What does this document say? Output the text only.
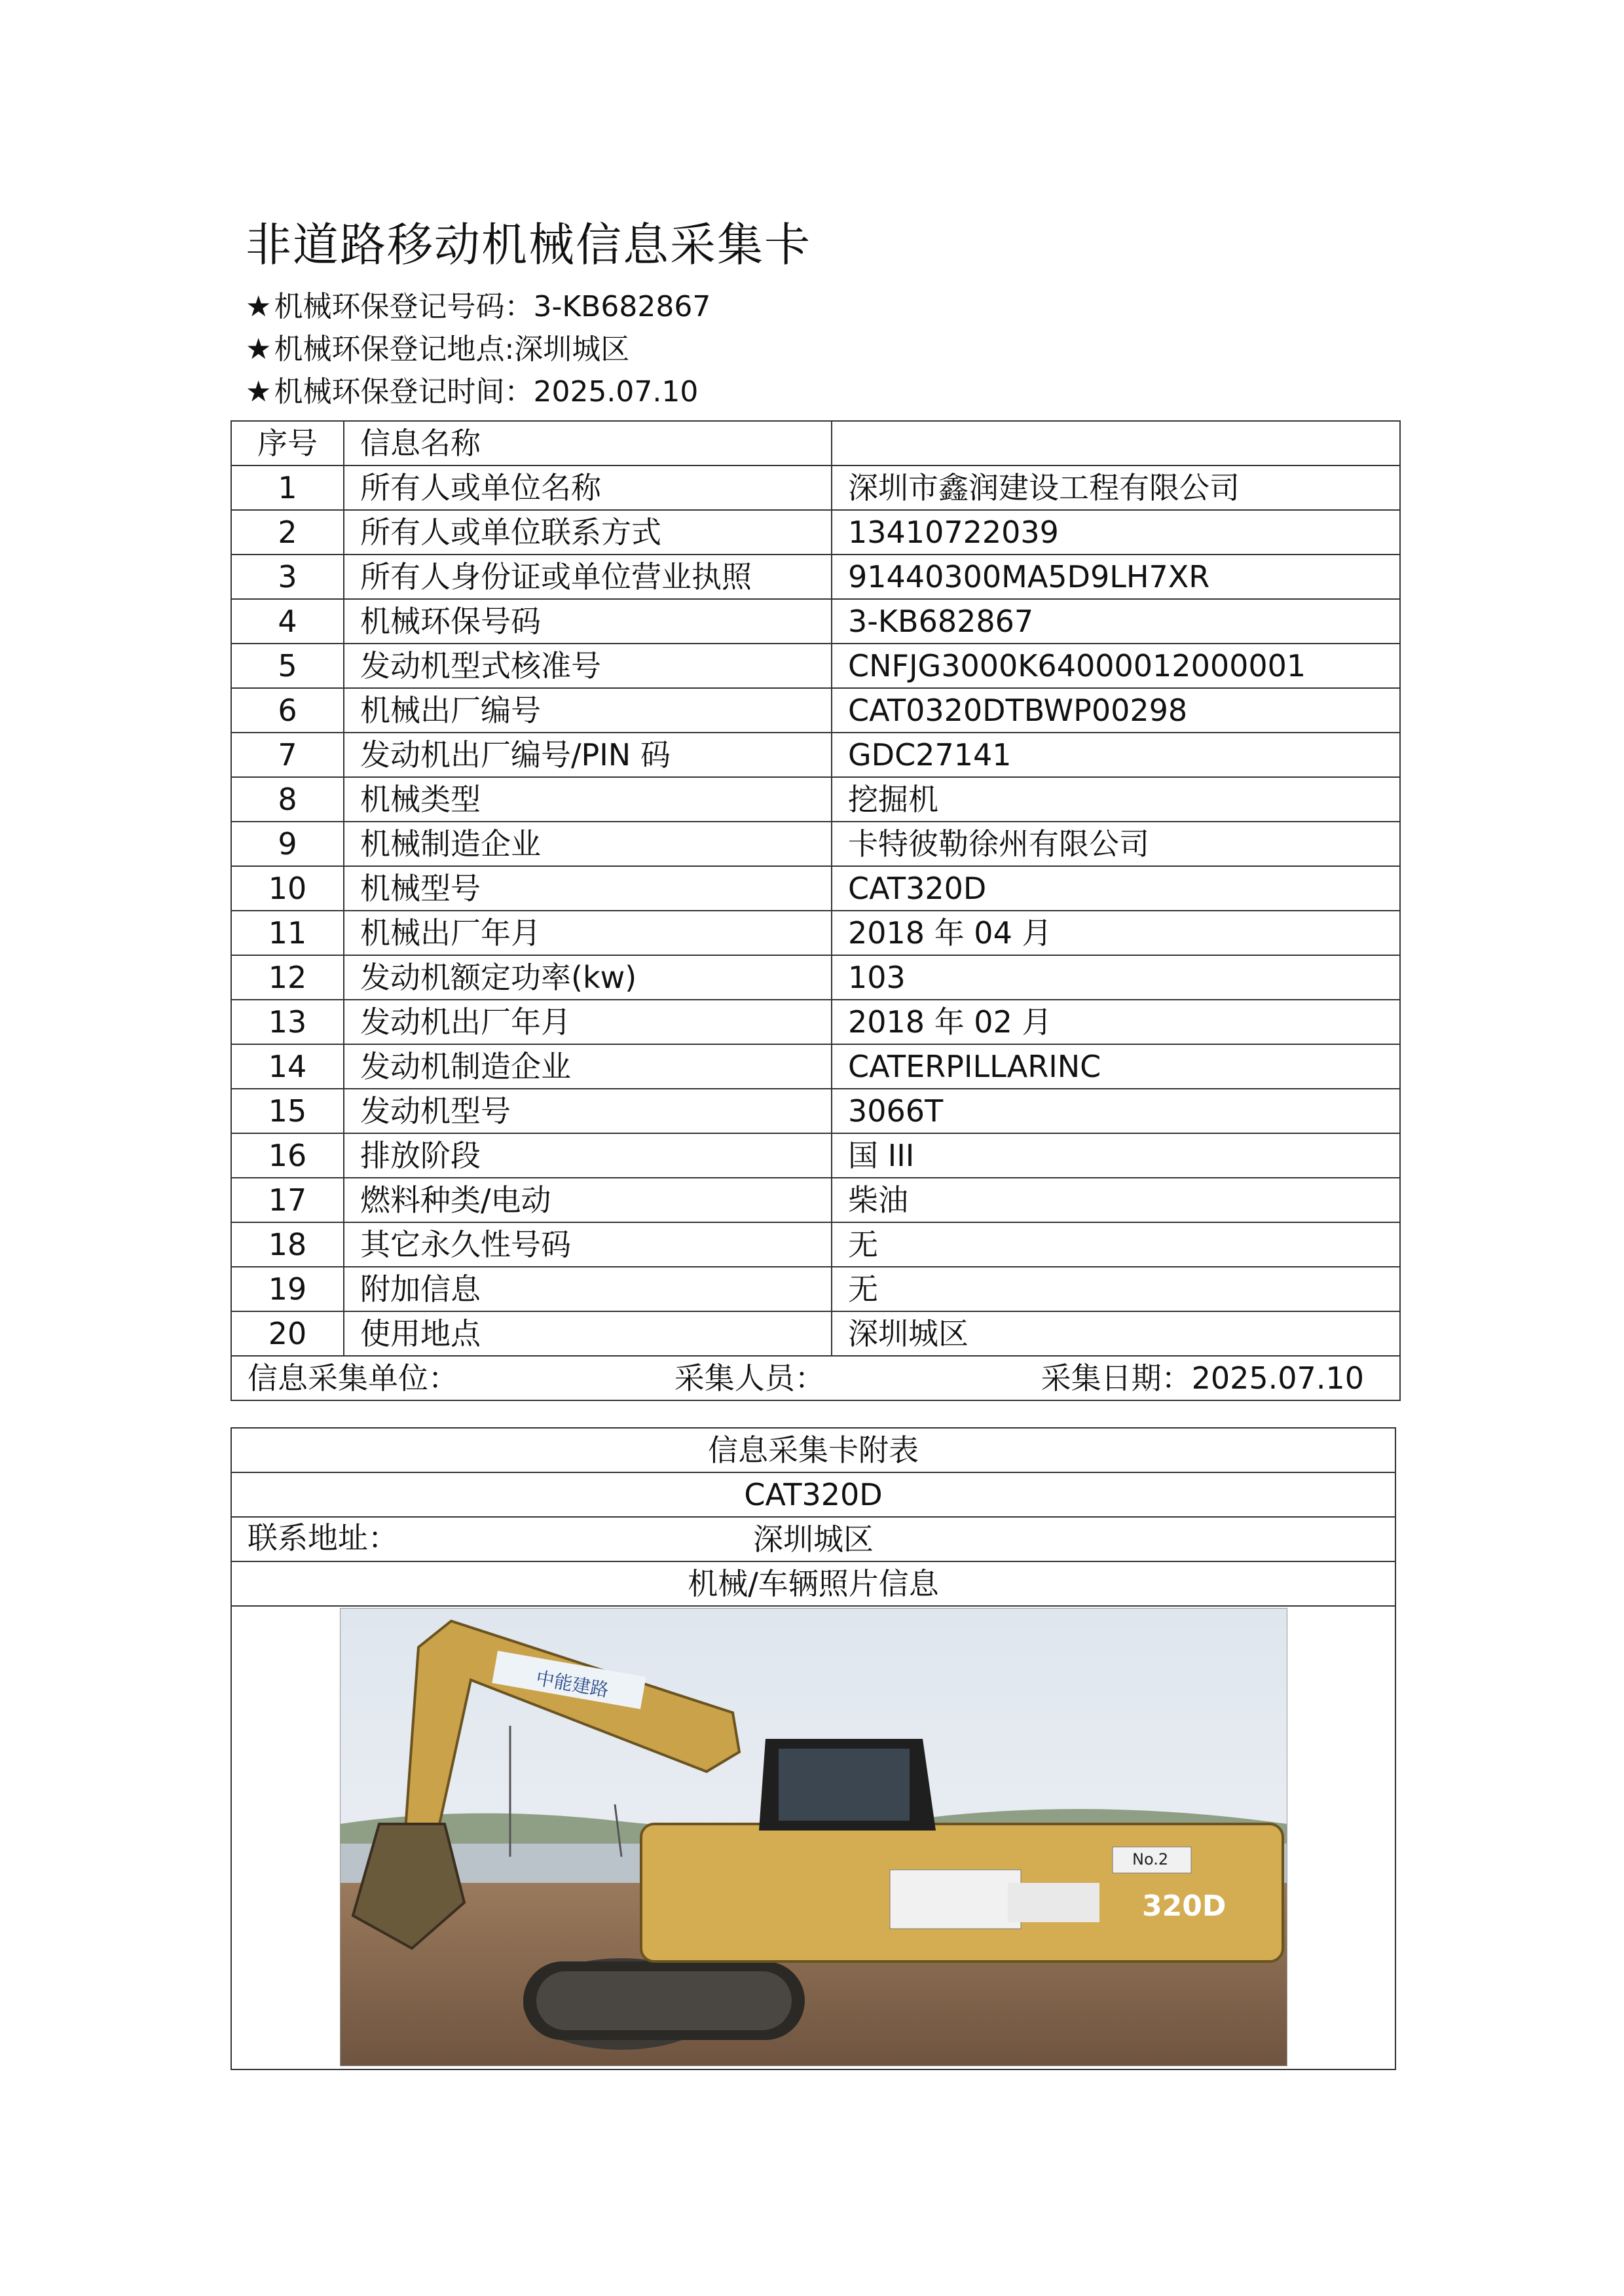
非道路移动机械信息采集卡
★机械环保登记号码：3-KB682867
★机械环保登记地点:深圳城区
★机械环保登记时间：2025.07.10
序号	信息名称	
1	所有人或单位名称	深圳市鑫润建设工程有限公司
2	所有人或单位联系方式	13410722039
3	所有人身份证或单位营业执照	91440300MA5D9LH7XR
4	机械环保号码	3-KB682867
5	发动机型式核准号	CNFJG3000K64000012000001
6	机械出厂编号	CAT0320DTBWP00298
7	发动机出厂编号/PIN 码	GDC27141
8	机械类型	挖掘机
9	机械制造企业	卡特彼勒徐州有限公司
10	机械型号	CAT320D
11	机械出厂年月	2018 年 04 月
12	发动机额定功率(kw)	103
13	发动机出厂年月	2018 年 02 月
14	发动机制造企业	CATERPILLARINC
15	发动机型号	3066T
16	排放阶段	国 III
17	燃料种类/电动	柴油
18	其它永久性号码	无
19	附加信息	无
20	使用地点	深圳城区

信息采集单位： 采集人员： 采集日期：2025.07.10		
信息采集卡附表
CAT320D

联系地址：	深圳城区
机械/车辆照片信息

中能建路
No.2
320D
